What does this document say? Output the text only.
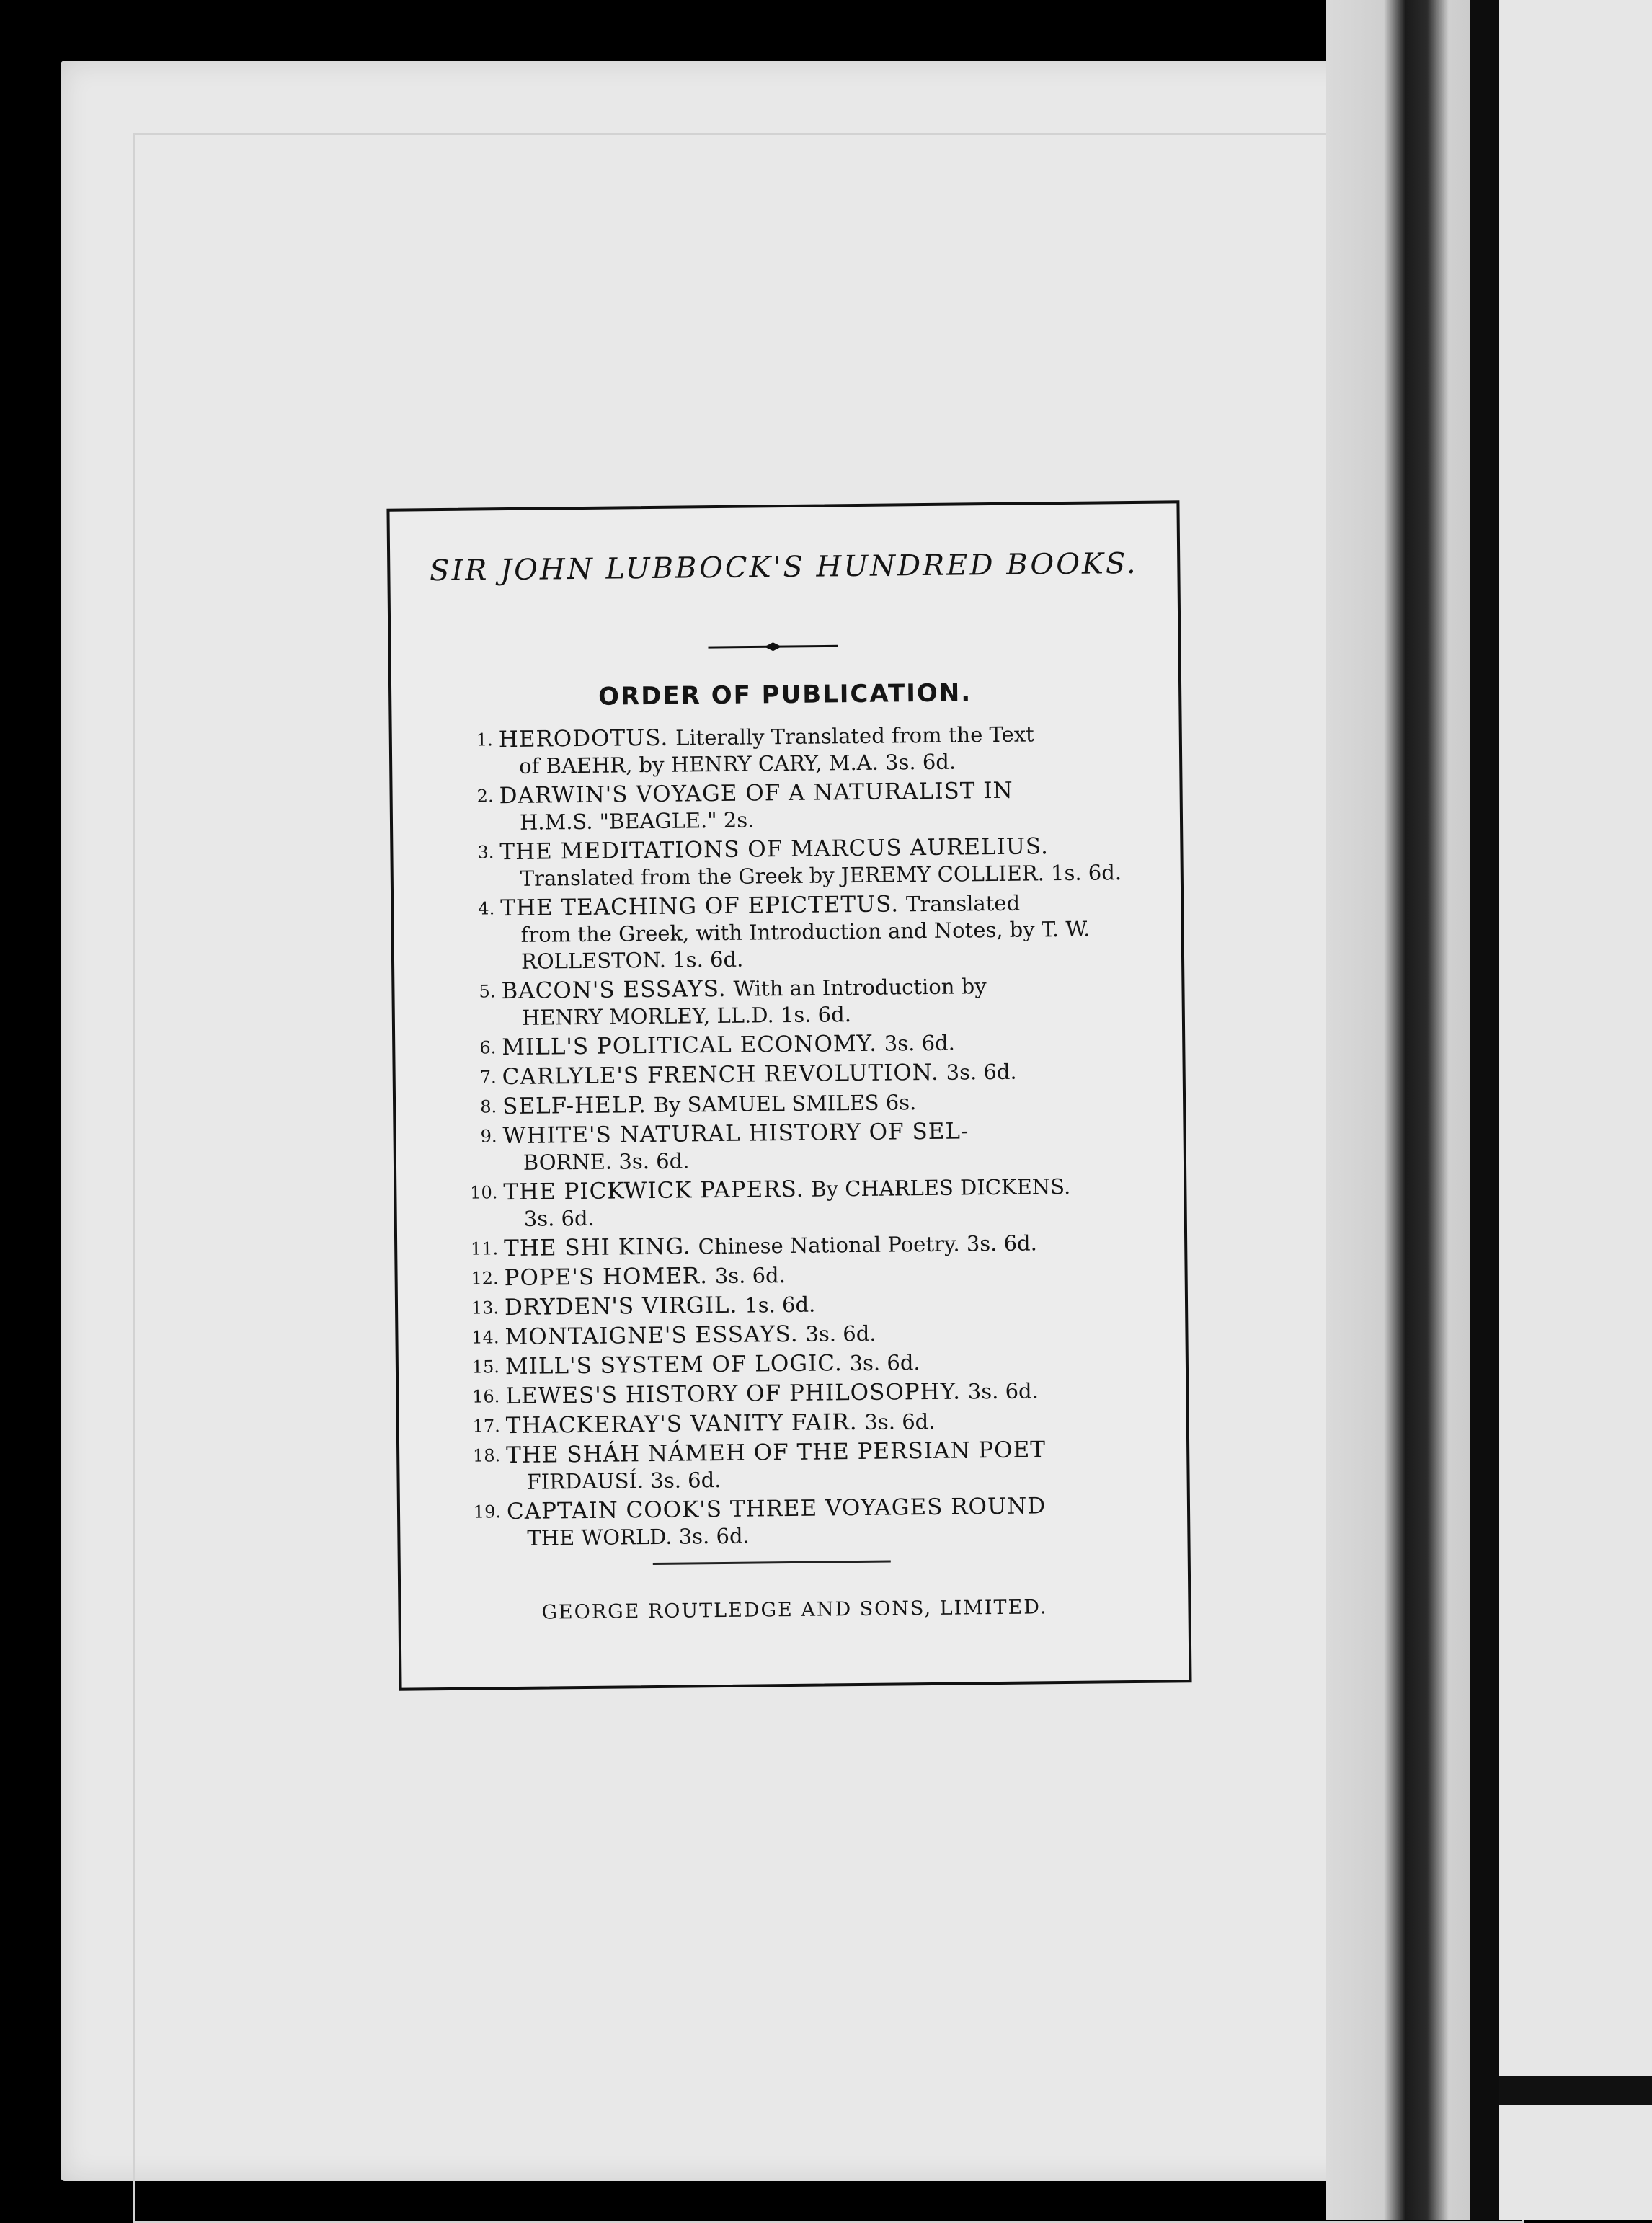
SIR JOHN LUBBOCK'S HUNDRED BOOKS.
ORDER OF PUBLICATION.
1. HERODOTUS. Literally Translated from the Text
of BAEHR, by HENRY CARY, M.A. 3s. 6d.
2. DARWIN'S VOYAGE OF A NATURALIST IN
H.M.S. "BEAGLE." 2s.
3. THE MEDITATIONS OF MARCUS AURELIUS.
Translated from the Greek by JEREMY COLLIER. 1s. 6d.
4. THE TEACHING OF EPICTETUS. Translated
from the Greek, with Introduction and Notes, by T. W. ROLLESTON. 1s. 6d.
5. BACON'S ESSAYS. With an Introduction by
HENRY MORLEY, LL.D. 1s. 6d.
6. MILL'S POLITICAL ECONOMY. 3s. 6d.
7. CARLYLE'S FRENCH REVOLUTION. 3s. 6d.
8. SELF-HELP. By SAMUEL SMILES 6s.
9. WHITE'S NATURAL HISTORY OF SEL-
BORNE. 3s. 6d.
10. THE PICKWICK PAPERS. By CHARLES DICKENS.
3s. 6d.
11. THE SHI KING. Chinese National Poetry. 3s. 6d.
12. POPE'S HOMER. 3s. 6d.
13. DRYDEN'S VIRGIL. 1s. 6d.
14. MONTAIGNE'S ESSAYS. 3s. 6d.
15. MILL'S SYSTEM OF LOGIC. 3s. 6d.
16. LEWES'S HISTORY OF PHILOSOPHY. 3s. 6d.
17. THACKERAY'S VANITY FAIR. 3s. 6d.
18. THE SHÁH NÁMEH OF THE PERSIAN POET
FIRDAUSÍ. 3s. 6d.
19. CAPTAIN COOK'S THREE VOYAGES ROUND
THE WORLD. 3s. 6d.
GEORGE ROUTLEDGE AND SONS, LIMITED.
